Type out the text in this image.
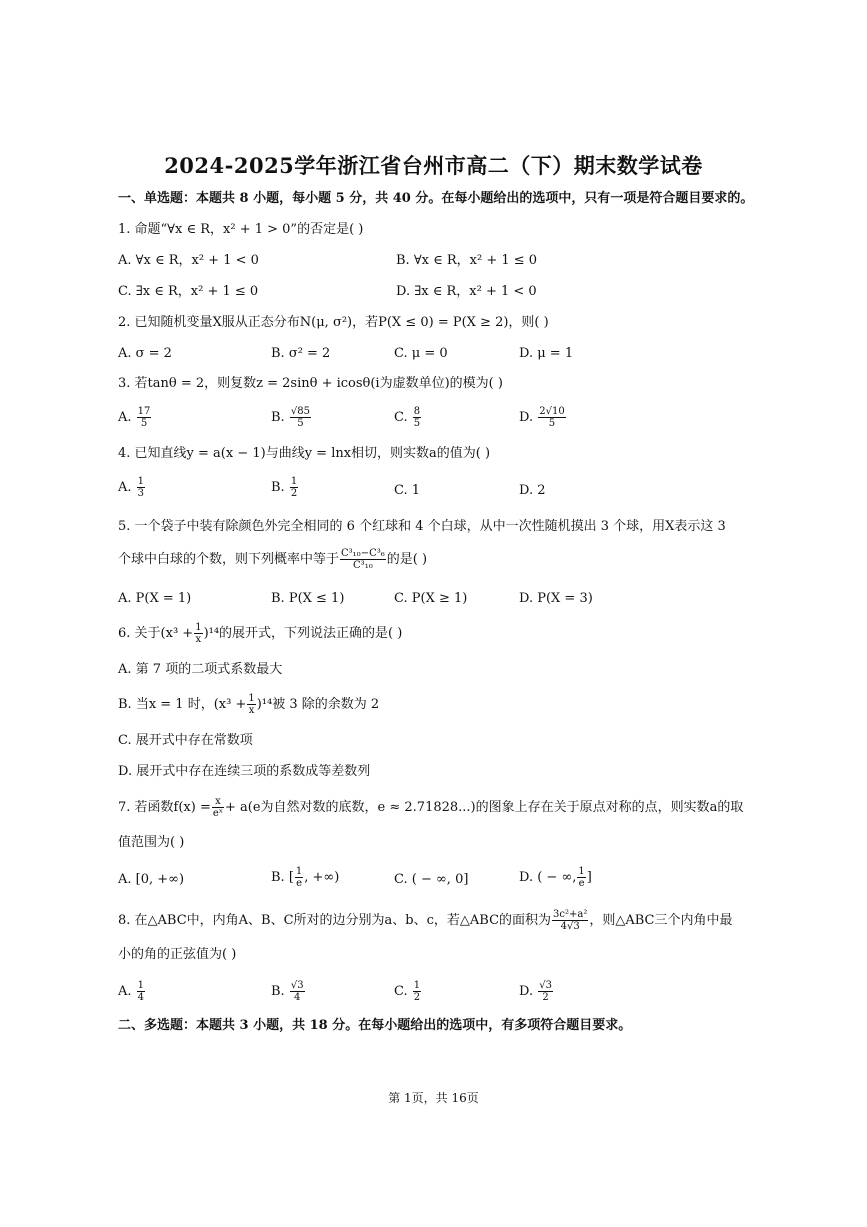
2024-2025学年浙江省台州市高二（下）期末数学试卷
一、单选题：本题共 8 小题，每小题 5 分，共 40 分。在每小题给出的选项中，只有一项是符合题目要求的。
1. 命题“∀x ∈ R，x² + 1 > 0”的否定是( )
A. ∀x ∈ R，x² + 1 < 0	B. ∀x ∈ R，x² + 1 ≤ 0
C. ∃x ∈ R，x² + 1 ≤ 0	D. ∃x ∈ R，x² + 1 < 0
2. 已知随机变量X服从正态分布N(μ, σ²)，若P(X ≤ 0) = P(X ≥ 2)，则( )
A. σ = 2	B. σ² = 2	C. μ = 0	D. μ = 1
3. 若tanθ = 2，则复数z = 2sinθ + icosθ(i为虚数单位)的模为( )
A. $\frac{17}{5}$	B. $\frac{√85}{5}$	C. $\frac{8}{5}$	D. $\frac{2√10}{5}$
4. 已知直线y = a(x − 1)与曲线y = lnx相切，则实数a的值为( )
A. $\frac{1}{3}$	B. $\frac{1}{2}$	C. 1	D. 2
5. 一个袋子中装有除颜色外完全相同的 6 个红球和 4 个白球，从中一次性随机摸出 3 个球，用X表示这 3
个球中白球的个数，则下列概率中等于 $\frac{\text{C³₁₀−C³₆}}{\text{C³₁₀}}$ 的是( )
A. P(X = 1)	B. P(X ≤ 1)	C. P(X ≥ 1)	D. P(X = 3)
6. 关于$(x^3 + \frac{1}{x} )^{14}$的展开式，下列说法正确的是( )
A. 第 7 项的二项式系数最大
B. 当x = 1 时，$(x^3 + \frac{1}{x} )^{14}$被 3 除的余数为 2
C. 展开式中存在常数项
D. 展开式中存在连续三项的系数成等差数列
7. 若函数$f(x) = \frac{x}{\text{eˣ}} + a(e$为自然对数的底数，e ≈ 2.71828...)的图象上存在关于原点对称的点，则实数a的取
值范围为( )
A. [0, +∞)	B. [ $\frac{1}{e}$ , +∞)	C. ( − ∞, 0]	D. ( − ∞, $\frac{1}{e}$ ]
8. 在△ABC中，内角A、B、C所对的边分别为a、b、c，若△ABC的面积为 $\frac{\text{3c²+a²}}{4√3}$ ，则△ABC三个内角中最
小的角的正弦值为( )
A. $\frac{1}{4}$	B. $\frac{√3}{4}$	C. $\frac{1}{2}$	D. $\frac{√3}{2}$
二、多选题：本题共 3 小题，共 18 分。在每小题给出的选项中，有多项符合题目要求。
第 1页，共 16页
